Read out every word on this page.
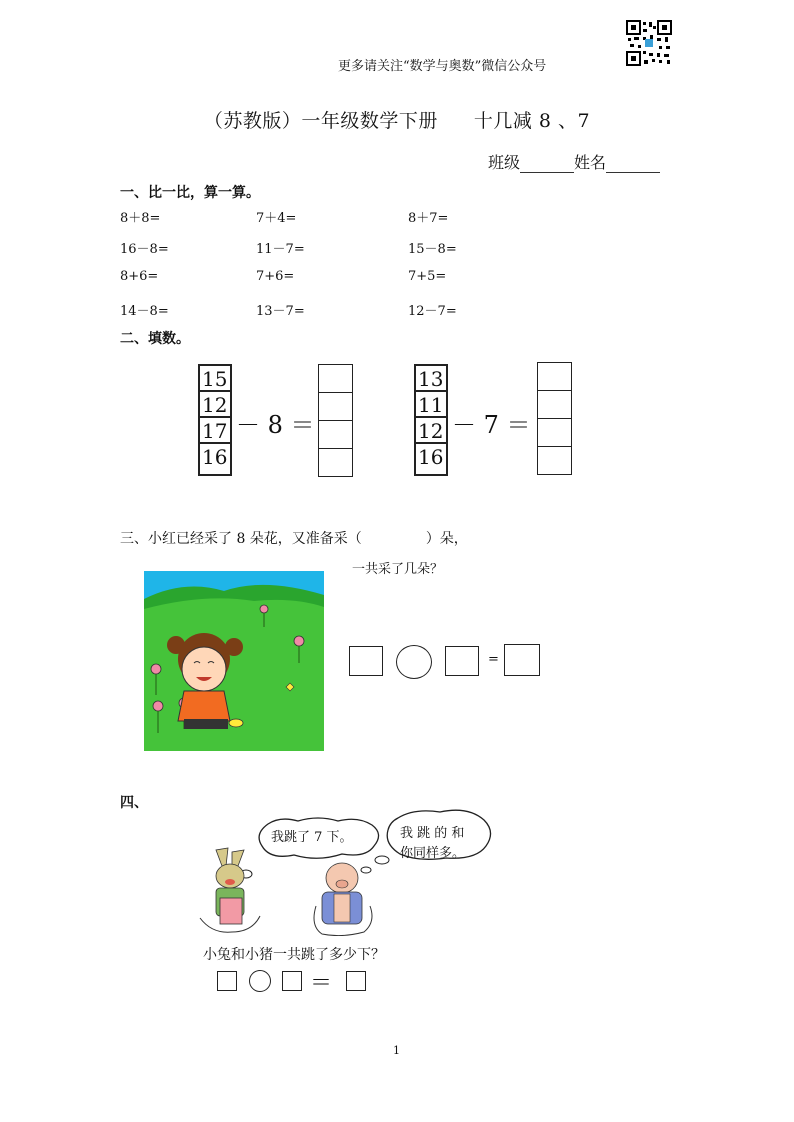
更多请关注“数学与奥数”微信公众号
（苏教版）一年级数学下册 十几减 8 、7
班级	姓名
一、比一比，算一算。
8＋8=	7＋4=	8＋7=
16－8=	11－7=	15－8=
8+6=	7+6=	7+5=
14－8=	13－7=	12－7=
二、填数。
15
12
17
16
－ 8 ＝
13
11
12
16
－ 7 ＝
三、小红已经采了 8 朵花，又准备采（	）朵，
一共采了几朵？
=
四、
我跳了 7 下。	我 跳 的 和
你同样多。
小兔和小猪一共跳了多少下？
＝
1
